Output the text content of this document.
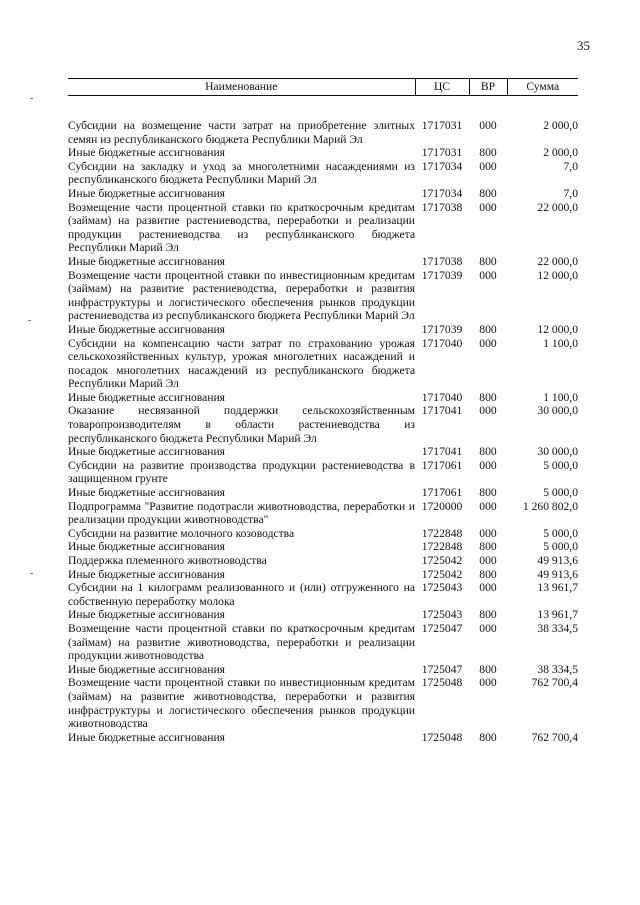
35
Наименование	ЦС	ВР	Сумма

Субсидии на возмещение части затрат на приобретение элитных семян из республиканского бюджета Республики Марий Эл	1717031	000	2 000,0
Иные бюджетные ассигнования	1717031	800	2 000,0
Субсидии на закладку и уход за многолетними насаждениями из республиканского бюджета Республики Марий Эл	1717034	000	7,0
Иные бюджетные ассигнования	1717034	800	7,0
Возмещение части процентной ставки по краткосрочным кредитам (займам) на развитие растениеводства, переработки и реализации продукции растениеводства из республиканского бюджета Республики Марий Эл	1717038	000	22 000,0
Иные бюджетные ассигнования	1717038	800	22 000,0
Возмещение части процентной ставки по инвестиционным кредитам (займам) на развитие растениеводства, переработки и развития инфраструктуры и логистического обеспечения рынков продукции растениеводства из республиканского бюджета Республики Марий Эл	1717039	000	12 000,0
Иные бюджетные ассигнования	1717039	800	12 000,0
Субсидии на компенсацию части затрат по страхованию урожая сельскохозяйственных культур, урожая многолетних насаждений и посадок многолетних насаждений из республиканского бюджета Республики Марий Эл	1717040	000	1 100,0
Иные бюджетные ассигнования	1717040	800	1 100,0
Оказание несвязанной поддержки сельскохозяйственным товаропроизводителям в области растениеводства из республиканского бюджета Республики Марий Эл	1717041	000	30 000,0
Иные бюджетные ассигнования	1717041	800	30 000,0
Субсидии на развитие производства продукции растениеводства в защищенном грунте	1717061	000	5 000,0
Иные бюджетные ассигнования	1717061	800	5 000,0
Подпрограмма "Развитие подотрасли животноводства, переработки и реализации продукции животноводства"	1720000	000	1 260 802,0
Субсидии на развитие молочного козоводства	1722848	000	5 000,0
Иные бюджетные ассигнования	1722848	800	5 000,0
Поддержка племенного животноводства	1725042	000	49 913,6
Иные бюджетные ассигнования	1725042	800	49 913,6
Субсидии на 1 килограмм реализованного и (или) отгруженного на собственную переработку молока	1725043	000	13 961,7
Иные бюджетные ассигнования	1725043	800	13 961,7
Возмещение части процентной ставки по краткосрочным кредитам (займам) на развитие животноводства, переработки и реализации продукции животноводства	1725047	000	38 334,5
Иные бюджетные ассигнования	1725047	800	38 334,5
Возмещение части процентной ставки по инвестиционным кредитам (займам) на развитие животноводства, переработки и развития инфраструктуры и логистического обеспечения рынков продукции животноводства	1725048	000	762 700,4
Иные бюджетные ассигнования	1725048	800	762 700,4
